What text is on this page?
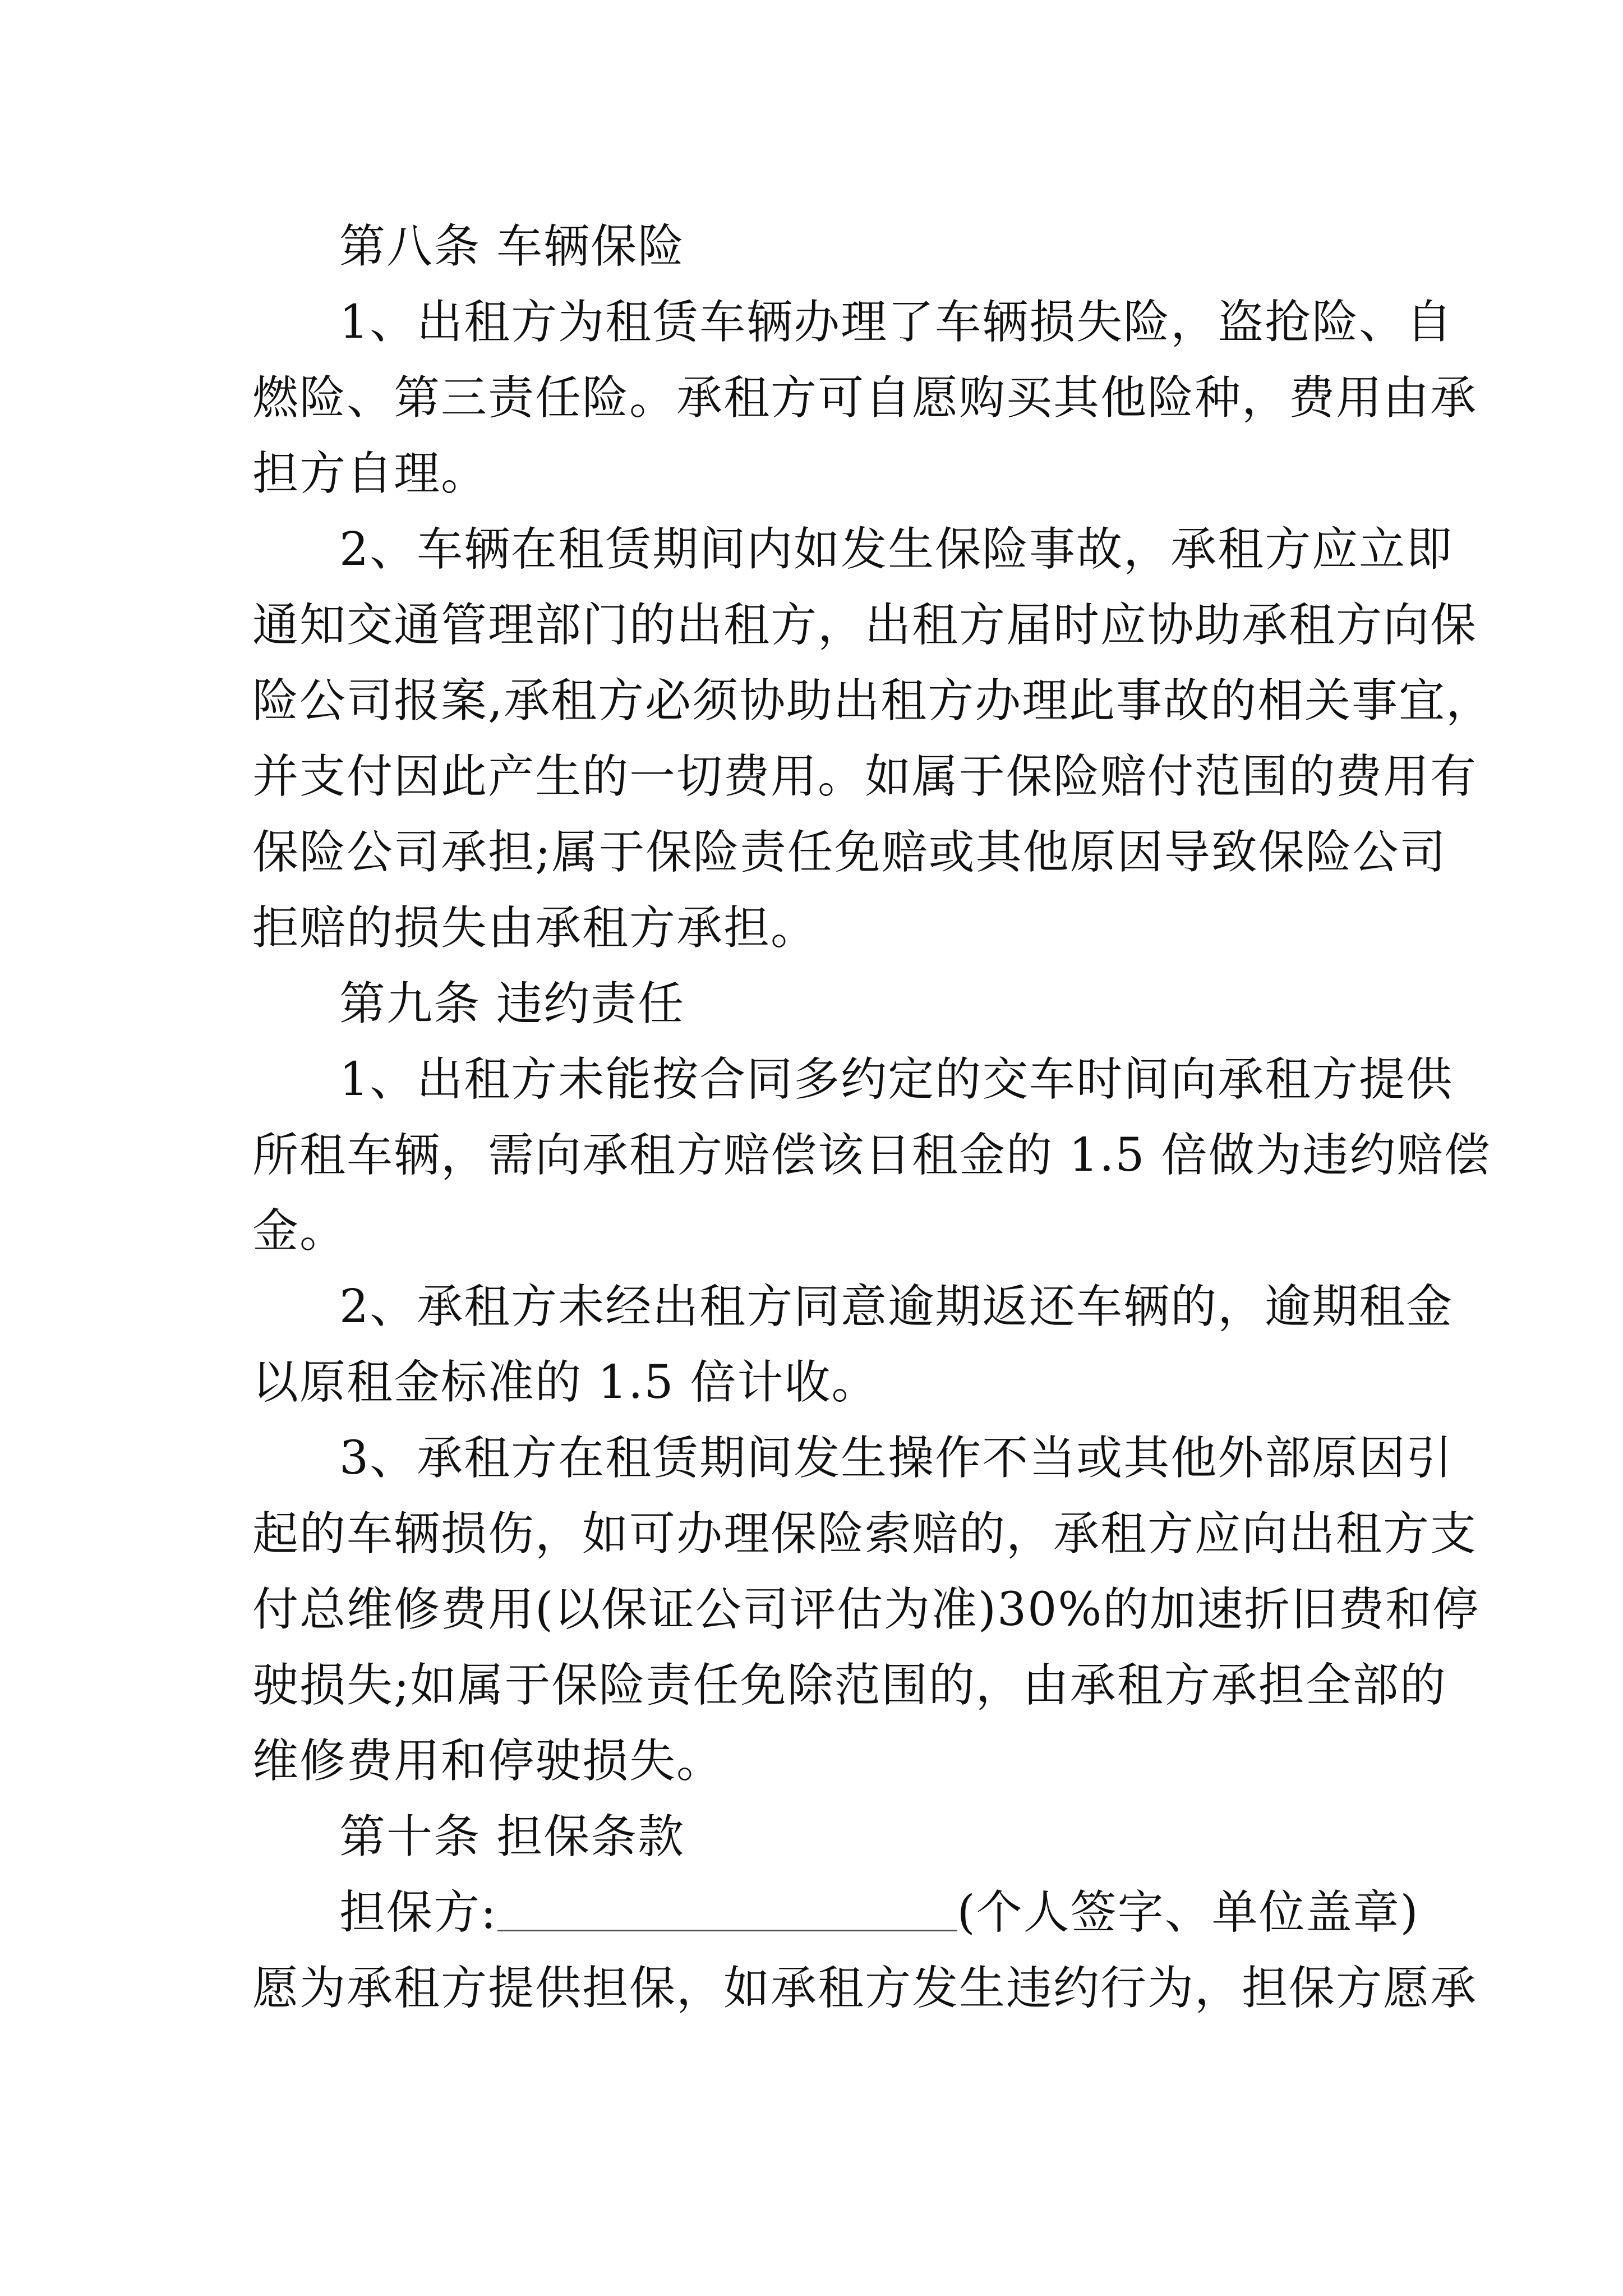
第八条 车辆保险
1、出租方为租赁车辆办理了车辆损失险，盗抢险、自
燃险、第三责任险。承租方可自愿购买其他险种，费用由承
担方自理。
2、车辆在租赁期间内如发生保险事故，承租方应立即
通知交通管理部门的出租方，出租方届时应协助承租方向保
险公司报案,承租方必须协助出租方办理此事故的相关事宜，
并支付因此产生的一切费用。如属于保险赔付范围的费用有
保险公司承担;属于保险责任免赔或其他原因导致保险公司
拒赔的损失由承租方承担。
第九条 违约责任
1、出租方未能按合同多约定的交车时间向承租方提供
所租车辆，需向承租方赔偿该日租金的 1.5 倍做为违约赔偿
金。
2、承租方未经出租方同意逾期返还车辆的，逾期租金
以原租金标准的 1.5 倍计收。
3、承租方在租赁期间发生操作不当或其他外部原因引
起的车辆损伤，如可办理保险索赔的，承租方应向出租方支
付总维修费用(以保证公司评估为准)30%的加速折旧费和停
驶损失;如属于保险责任免除范围的，由承租方承担全部的
维修费用和停驶损失。
第十条 担保条款
担保方:	(个人签字、单位盖章)
愿为承租方提供担保，如承租方发生违约行为，担保方愿承
